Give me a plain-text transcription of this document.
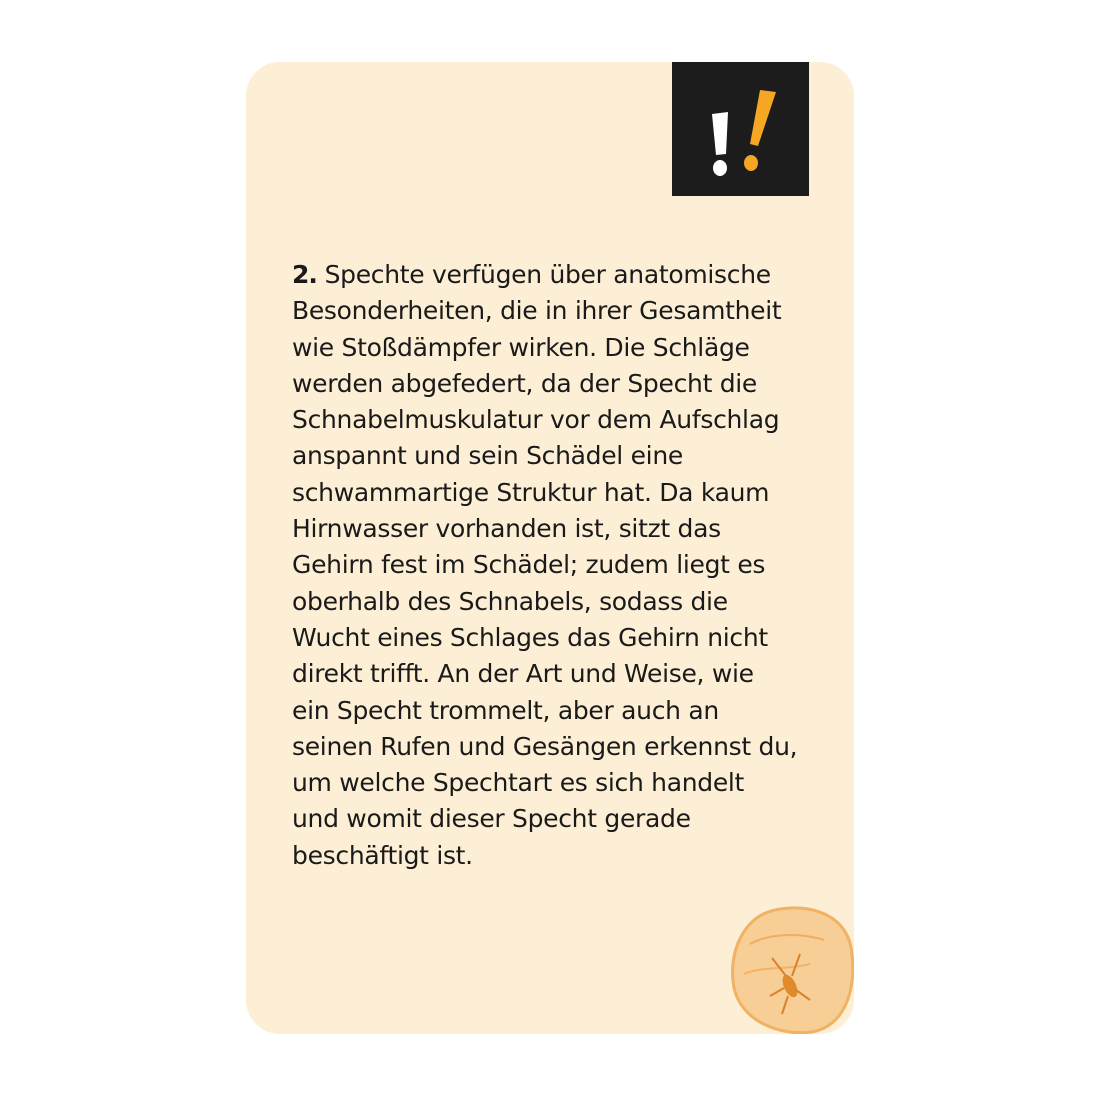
2. Spechte verfügen über anatomische
Besonderheiten, die in ihrer Gesamtheit
wie Stoßdämpfer wirken. Die Schläge
werden abgefedert, da der Specht die
Schnabelmuskulatur vor dem Aufschlag
anspannt und sein Schädel eine
schwammartige Struktur hat. Da kaum
Hirnwasser vorhanden ist, sitzt das
Gehirn fest im Schädel; zudem liegt es
oberhalb des Schnabels, sodass die
Wucht eines Schlages das Gehirn nicht
direkt trifft. An der Art und Weise, wie
ein Specht trommelt, aber auch an
seinen Rufen und Gesängen erkennst du,
um welche Spechtart es sich handelt
und womit dieser Specht gerade
beschäftigt ist.
